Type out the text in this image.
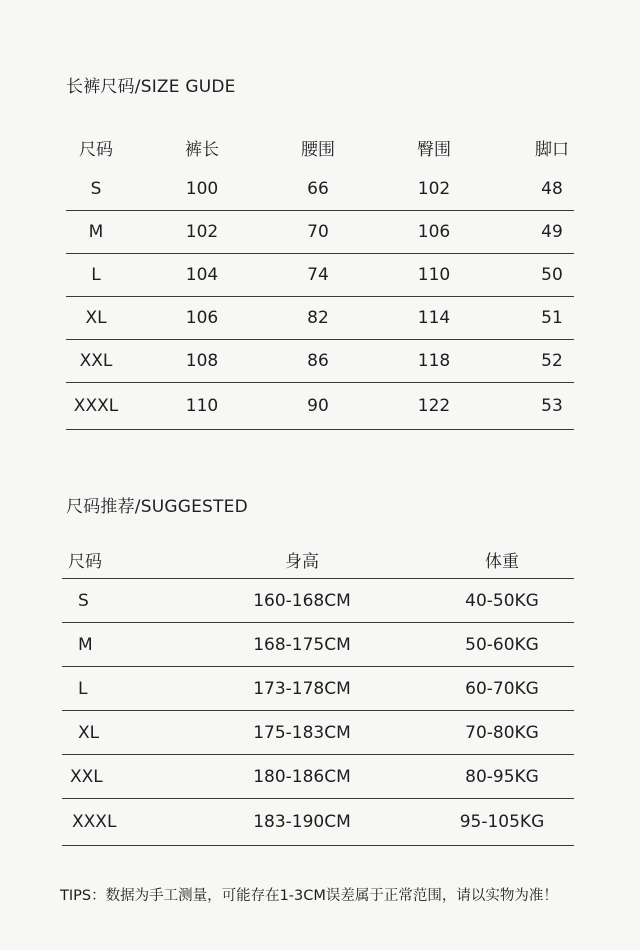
长裤尺码/SIZE GUDE
尺码	裤长	腰围	臀围	脚口
S	100	66	102	48
M	102	70	106	49
L	104	74	110	50
XL	106	82	114	51
XXL	108	86	118	52
XXXL	110	90	122	53
尺码推荐/SUGGESTED
尺码	身高	体重
S	160-168CM	40-50KG
M	168-175CM	50-60KG
L	173-178CM	60-70KG
XL	175-183CM	70-80KG
XXL	180-186CM	80-95KG
XXXL	183-190CM	95-105KG
TIPS：数据为手工测量，可能存在1-3CM误差属于正常范围，请以实物为准！
